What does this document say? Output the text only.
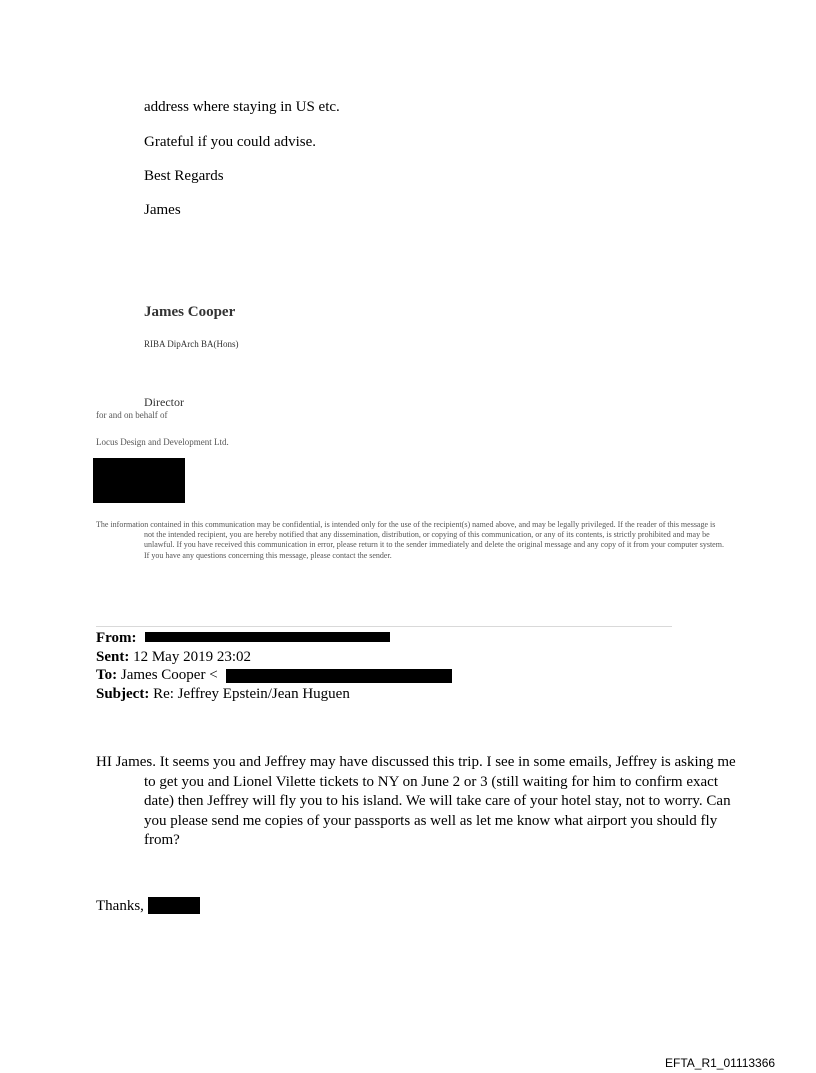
address where staying in US etc.
Grateful if you could advise.
Best Regards
James
James Cooper
RIBA DipArch BA(Hons)
Director
for and on behalf of
Locus Design and Development Ltd.
The information contained in this communication may be confidential, is intended only for the use of the recipient(s) named above, and may be legally privileged. If the reader of this message is not the intended recipient, you are hereby notified that any dissemination, distribution, or copying of this communication, or any of its contents, is strictly prohibited and may be unlawful. If you have received this communication in error, please return it to the sender immediately and delete the original message and any copy of it from your computer system. If you have any questions concerning this message, please contact the sender.
From:
Sent: 12 May 2019 23:02
To: James Cooper <
Subject: Re: Jeffrey Epstein/Jean Huguen
HI James. It seems you and Jeffrey may have discussed this trip. I see in some emails, Jeffrey is asking me to get you and Lionel Vilette tickets to NY on June 2 or 3 (still waiting for him to confirm exact date) then Jeffrey will fly you to his island. We will take care of your hotel stay, not to worry. Can you please send me copies of your passports as well as let me know what airport you should fly from?
Thanks,
EFTA_R1_01113366
